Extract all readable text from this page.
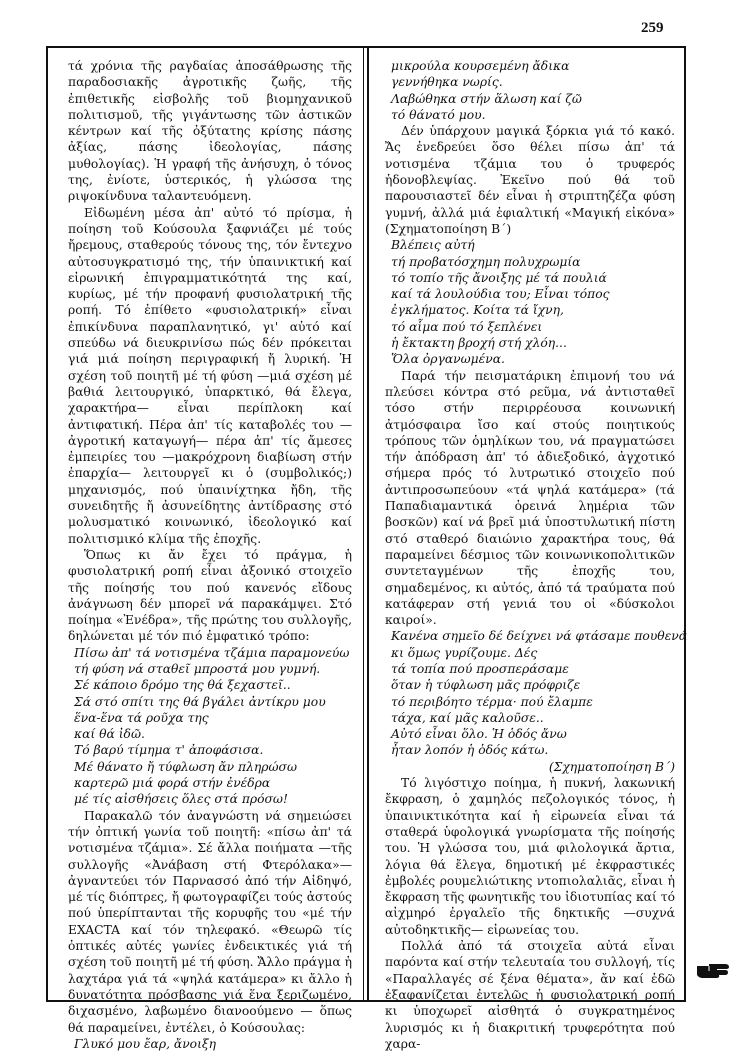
259

τά χρόνια τῆς ραγδαίας ἀποσάθρωσης τῆς παραδοσιακῆς ἀγροτικῆς ζωῆς, τῆς ἐπιθετικῆς εἰσβολῆς τοῦ βιομηχανικοῦ πολιτισμοῦ, τῆς γιγάντωσης τῶν ἀστικῶν κέντρων καί τῆς ὀξύτατης κρίσης πάσης ἀξίας, πάσης ἰδεολογίας, πάσης μυθολογίας). Ἡ γραφή τῆς ἀνήσυχη, ὁ τόνος της, ἐνίοτε, ὑστερικός, ἡ γλώσσα της ριψοκίνδυνα ταλαντευόμενη.

Εἰδωμένη μέσα ἀπ' αὐτό τό πρίσμα, ἡ ποίηση τοῦ Κούσουλα ξαφνιάζει μέ τούς ἤρεμους, σταθερούς τόνους της, τόν ἔντεχνο αὐτοσυγκρατισμό της, τήν ὑπαινικτική καί εἰρωνική ἐπιγραμματικότητά της καί, κυρίως, μέ τήν προφανή φυσιολατρική τῆς ροπή. Τό ἐπίθετο «φυσιολατρική» εἶναι ἐπικίνδυνα παραπλανητικό, γι' αὐτό καί σπεύδω νά διευκρινίσω πώς δέν πρόκειται γιά μιά ποίηση περιγραφική ἤ λυρική. Ἡ σχέση τοῦ ποιητῆ μέ τή φύση —μιά σχέση μέ βαθιά λειτουργικό, ὑπαρκτικό, θά ἔλεγα, χαρακτήρα— εἶναι περίπλοκη καί ἀντιφατική. Πέρα ἀπ' τίς καταβολές του —ἀγροτική καταγωγή— πέρα ἀπ' τίς ἄμεσες ἐμπειρίες του —μακρόχρονη διαβίωση στήν ἐπαρχία— λειτουργεῖ κι ὁ (συμβολικός;) μηχανισμός, πού ὑπαινίχτηκα ἤδη, τῆς συνειδητῆς ἤ ἀσυνείδητης ἀντίδρασης στό μολυσματικό κοινωνικό, ἰδεολογικό καί πολιτισμικό κλίμα τῆς ἐποχῆς.

Ὅπως κι ἄν ἔχει τό πράγμα, ἡ φυσιολατρική ροπή εἶναι ἀξονικό στοιχεῖο τῆς ποίησής του πού κανενός εἴδους ἀνάγνωση δέν μπορεῖ νά παρακάμψει. Στό ποίημα «Ἐνέδρα», τῆς πρώτης του συλλογῆς, δηλώνεται μέ τόν πιό ἐμφατικό τρόπο:

Πίσω ἀπ' τά νοτισμένα τζάμια παραμονεύω
τή φύση νά σταθεῖ μπροστά μου γυμνή.
Σέ κάποιο δρόμο της θά ξεχαστεῖ..
Σά στό σπίτι της θά βγάλει ἀντίκρυ μου
ἕνα-ἕνα τά ροῦχα της
καί θά ἰδῶ.
Τό βαρύ τίμημα τ' ἀποφάσισα.
Μέ θάνατο ἤ τύφλωση ἄν πληρώσω
καρτερῶ μιά φορά στήν ἐνέδρα
μέ τίς αἰσθήσεις ὅλες στά πρόσω!

Παρακαλῶ τόν ἀναγνώστη νά σημειώσει τήν ὀπτική γωνία τοῦ ποιητῆ: «πίσω ἀπ' τά νοτισμένα τζάμια». Σέ ἄλλα ποιήματα —τῆς συλλογῆς «Ἀνάβαση στή Φτερόλακα»— ἀγναντεύει τόν Παρνασσό ἀπό τήν Αἰδηψό, μέ τίς διόπτρες, ἤ φωτογραφίζει τούς ἀστούς πού ὑπερίπτανται τῆς κορυφῆς του «μέ τήν EXACTA καί τόν τηλεφακό. «Θεωρῶ τίς ὀπτικές αὐτές γωνίες ἐνδεικτικές γιά τή σχέση τοῦ ποιητῆ μέ τή φύση. Ἄλλο πράγμα ἡ λαχτάρα γιά τά «ψηλά κατάμερα» κι ἄλλο ἡ δυνατότητα πρόσβασης γιά ἕνα ξεριζωμένο, διχασμένο, λαβωμένο διανοούμενο — ὅπως θά παραμείνει, ἐντέλει, ὁ Κούσουλας:

Γλυκό μου ἔαρ, ἄνοιξη
μικρούλα κουρσεμένη ἄδικα
γεννήθηκα νωρίς.
Λαβώθηκα στήν ἅλωση καί ζῶ
τό θάνατό μου.

Δέν ὑπάρχουν μαγικά ξόρκια γιά τό κακό. Ἄς ἐνεδρεύει ὅσο θέλει πίσω ἀπ' τά νοτισμένα τζάμια του ὁ τρυφερός ἡδονοβλεψίας. Ἐκεῖνο πού θά τοῦ παρουσιαστεῖ δέν εἶναι ἡ στριπτηζέζα φύση γυμνή, ἀλλά μιά ἐφιαλτική «Μαγική εἰκόνα» (Σχηματοποίηση Β΄)

Βλέπεις αὐτή
τή προβατόσχημη πολυχρωμία
τό τοπίο τῆς ἄνοιξης μέ τά πουλιά
καί τά λουλούδια του; Εἶναι τόπος
ἐγκλήματος. Κοίτα τά ἴχνη,
τό αἷμα πού τό ξεπλένει
ἡ ἔκτακτη βροχή στή χλόη...
Ὅλα ὀργανωμένα.

Παρά τήν πεισματάρικη ἐπιμονή του νά πλεύσει κόντρα στό ρεῦμα, νά ἀντισταθεῖ τόσο στήν περιρρέουσα κοινωνική ἀτμόσφαιρα ἴσο καί στούς ποιητικούς τρόπους τῶν ὁμηλίκων του, νά πραγματώσει τήν ἀπόδραση ἀπ' τό ἀδιεξοδικό, ἀγχοτικό σήμερα πρός τό λυτρωτικό στοιχεῖο πού ἀντιπροσωπεύουν «τά ψηλά κατάμερα» (τά Παπαδιαμαντικά ὀρεινά λημέρια τῶν βοσκῶν) καί νά βρεῖ μιά ὑποστυλωτική πίστη στό σταθερό διαιώνιο χαρακτήρα τους, θά παραμείνει δέσμιος τῶν κοινωνικοπολιτικῶν συντεταγμένων τῆς ἐποχῆς του, σημαδεμένος, κι αὐτός, ἀπό τά τραύματα πού κατάφεραν στή γενιά του οἱ «δύσκολοι καιροί».

Κανένα σημεῖο δέ δείχνει νά φτάσαμε πουθενά
κι ὅμως γυρίζουμε. Δές
τά τοπία πού προσπεράσαμε
ὅταν ἡ τύφλωση μᾶς πρόφριζε
τό περιβόητο τέρμα· πού ἔλαμπε
τάχα, καί μᾶς καλοῦσε..
Αὐτό εἶναι ὅλο. Ἡ ὁδός ἄνω
ἦταν λοπόν ἡ ὁδός κάτω.

(Σχηματοποίηση Β΄)

Τό λιγόστιχο ποίημα, ἡ πυκνή, λακωνική ἔκφραση, ὁ χαμηλός πεζολογικός τόνος, ἡ ὑπαινικτικότητα καί ἡ εἰρωνεία εἶναι τά σταθερά ὑφολογικά γνωρίσματα τῆς ποίησής του. Ἡ γλώσσα του, μιά φιλολογικά ἄρτια, λόγια θά ἔλεγα, δημοτική μέ ἐκφραστικές ἐμβολές ρουμελιώτικης ντοπιολαλιᾶς, εἶναι ἡ ἔκφραση τῆς φωνητικῆς του ἰδιοτυπίας καί τό αἰχμηρό ἐργαλεῖο τῆς δηκτικῆς —συχνά αὐτοδηκτικῆς— εἰρωνείας του.

Πολλά ἀπό τά στοιχεῖα αὐτά εἶναι παρόντα καί στήν τελευταία του συλλογή, τίς «Παραλλαγές σέ ξένα θέματα», ἄν καί ἐδῶ ἐξαφανίζεται ἐντελῶς ἡ φυσιολατρική ροπή κι ὑποχωρεῖ αἰσθητά ὁ συγκρατημένος λυρισμός κι ἡ διακριτική τρυφερότητα πού χαρα-
